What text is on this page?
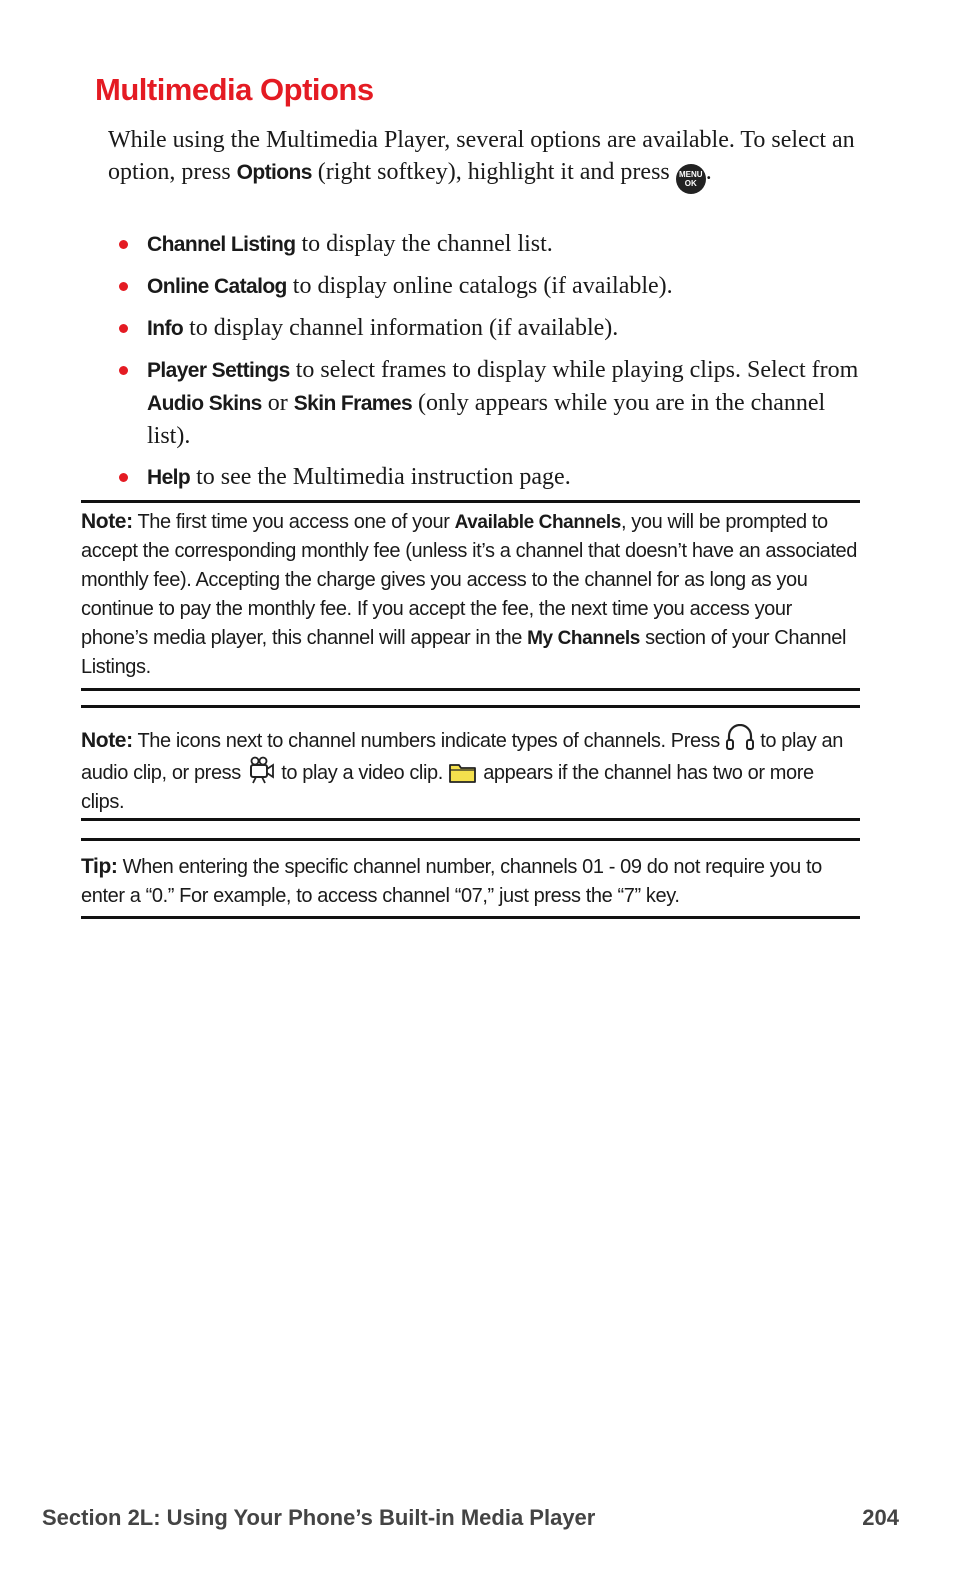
Multimedia Options

While using the Multimedia Player, several options are available. To select an option, press Options (right softkey), highlight it and press MENU
OK .

Channel Listing to display the channel list.
Online Catalog to display online catalogs (if available).
Info to display channel information (if available).
Player Settings to select frames to display while playing clips. Select from Audio Skins or Skin Frames (only appears while you are in the channel list).
Help to see the Multimedia instruction page.
Note: The first time you access one of your Available Channels, you will be prompted to accept the corresponding monthly fee (unless it’s a channel that doesn’t have an associated monthly fee). Accepting the charge gives you access to the channel for as long as you continue to pay the monthly fee. If you accept the fee, the next time you access your phone’s media player, this channel will appear in the My Channels section of your Channel Listings.
Note: The icons next to channel numbers indicate types of channels. Press  to play an audio clip, or press  to play a video clip.  appears if the channel has two or more clips.
Tip: When entering the specific channel number, channels 01 - 09 do not require you to enter a “0.” For example, to access channel “07,” just press the “7” key.
Section 2L: Using Your Phone’s Built-in Media Player	204
